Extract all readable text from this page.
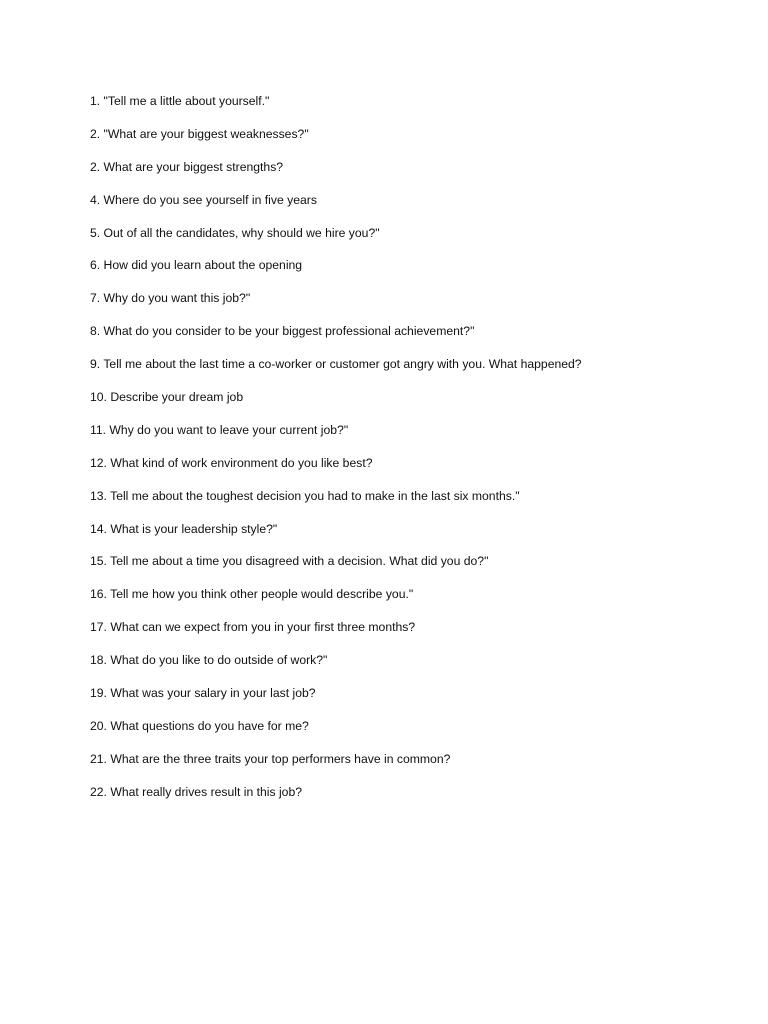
1. "Tell me a little about yourself."
2. "What are your biggest weaknesses?"
2. What are your biggest strengths?
4. Where do you see yourself in five years
5. Out of all the candidates, why should we hire you?"
6. How did you learn about the opening
7. Why do you want this job?"
8. What do you consider to be your biggest professional achievement?"
9. Tell me about the last time a co-worker or customer got angry with you. What happened?
10. Describe your dream job
11. Why do you want to leave your current job?"
12. What kind of work environment do you like best?
13. Tell me about the toughest decision you had to make in the last six months."
14. What is your leadership style?"
15. Tell me about a time you disagreed with a decision. What did you do?"
16. Tell me how you think other people would describe you."
17. What can we expect from you in your first three months?
18. What do you like to do outside of work?"
19. What was your salary in your last job?
20. What questions do you have for me?
21. What are the three traits your top performers have in common?
22. What really drives result in this job?
